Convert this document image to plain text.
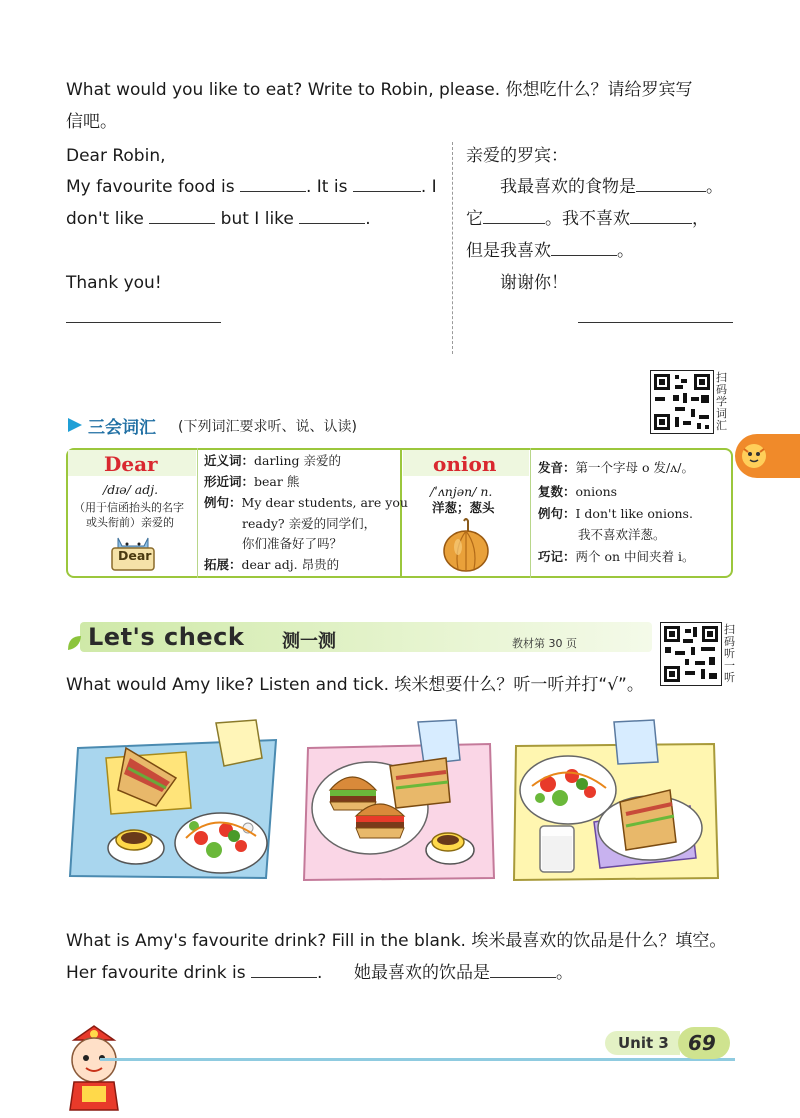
What would you like to eat? Write to Robin, please. 你想吃什么？请给罗宾写
信吧。
Dear Robin,
My favourite food is	. It is	. I
don't like	but I like	.
Thank you!
亲爱的罗宾：
我最喜欢的食物是	。
它	。我不喜欢	，
但是我喜欢	。
谢谢你！
三会词汇 (下列词汇要求听、说、认读)
扫码学词汇
Dear
/dɪə/ adj.
（用于信函抬头的名字
或头衔前）亲爱的
Dear
近义词：darling 亲爱的
形近词：bear 熊
例句：My dear students, are you
ready? 亲爱的同学们，
你们准备好了吗？
拓展：dear adj. 昂贵的
onion
/ˈʌnjən/ n.
洋葱；葱头
发音：第一个字母 o 发/ʌ/。
复数：onions
例句：I don't like onions.
我不喜欢洋葱。
巧记：两个 on 中间夹着 i。
Let's check 测一测	教材第 30 页
扫码听一听
What would Amy like? Listen and tick. 埃米想要什么？听一听并打“√”。
What is Amy's favourite drink? Fill in the blank. 埃米最喜欢的饮品是什么？填空。
Her favourite drink is	. 她最喜欢的饮品是	。
Unit 3 69
